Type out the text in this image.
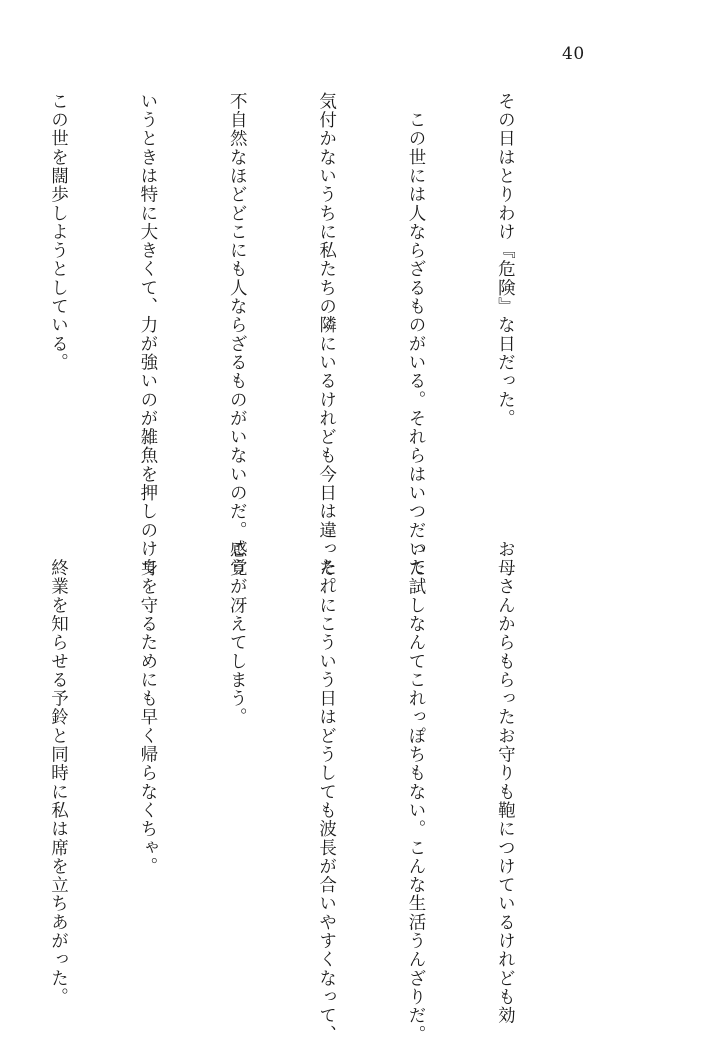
40

その日はとりわけ『危険』な日だった。

　この世には人ならざるものがいる。それらはいつだって

気付かないうちに私たちの隣にいるけれども今日は違った。

不自然なほどどこにも人ならざるものがいないのだ。こう

いうときは特に大きくて、力が強いのが雑魚を押しのけて

この世を闊歩しようとしている。

お母さんからもらったお守りも鞄につけているけれども効

いた試しなんてこれっぽちもない。こんな生活うんざりだ。

　それにこういう日はどうしても波長が合いやすくなって、

感覚が冴えてしまう。

　身を守るためにも早く帰らなくちゃ。

　終業を知らせる予鈴と同時に私は席を立ちあがった。
